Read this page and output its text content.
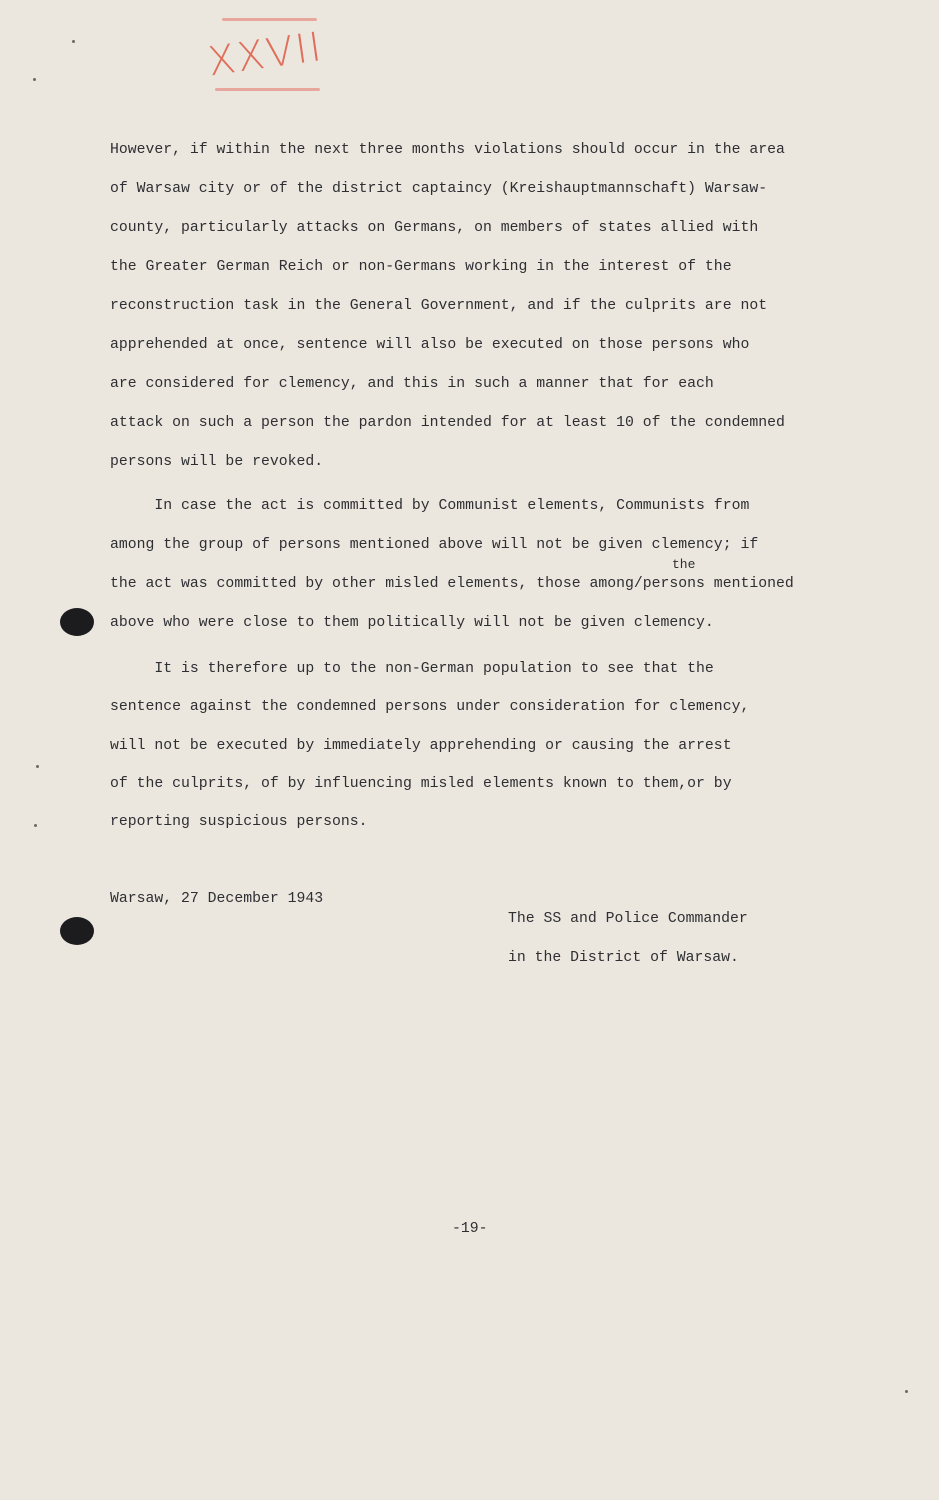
XXVII

However, if within the next three months violations should occur in the area

of Warsaw city or of the district captaincy (Kreishauptmannschaft) Warsaw-

county, particularly attacks on Germans, on members of states allied with

the Greater German Reich or non-Germans working in the interest of the

reconstruction task in the General Government, and if the culprits are not

apprehended at once, sentence will also be executed on those persons who

are considered for clemency, and this in such a manner that for each

attack on such a person the pardon intended for at least 10 of the condemned

persons will be revoked.

In case the act is committed by Communist elements, Communists from

among the group of persons mentioned above will not be given clemency; if

the

the act was committed by other misled elements, those among/persons mentioned

above who were close to them politically will not be given clemency.

It is therefore up to the non-German population to see that the

sentence against the condemned persons under consideration for clemency,

will not be executed by immediately apprehending or causing the arrest

of the culprits, of by influencing misled elements known to them,or by

reporting suspicious persons.

Warsaw, 27 December 1943

The SS and Police Commander

in the District of Warsaw.

-19-
